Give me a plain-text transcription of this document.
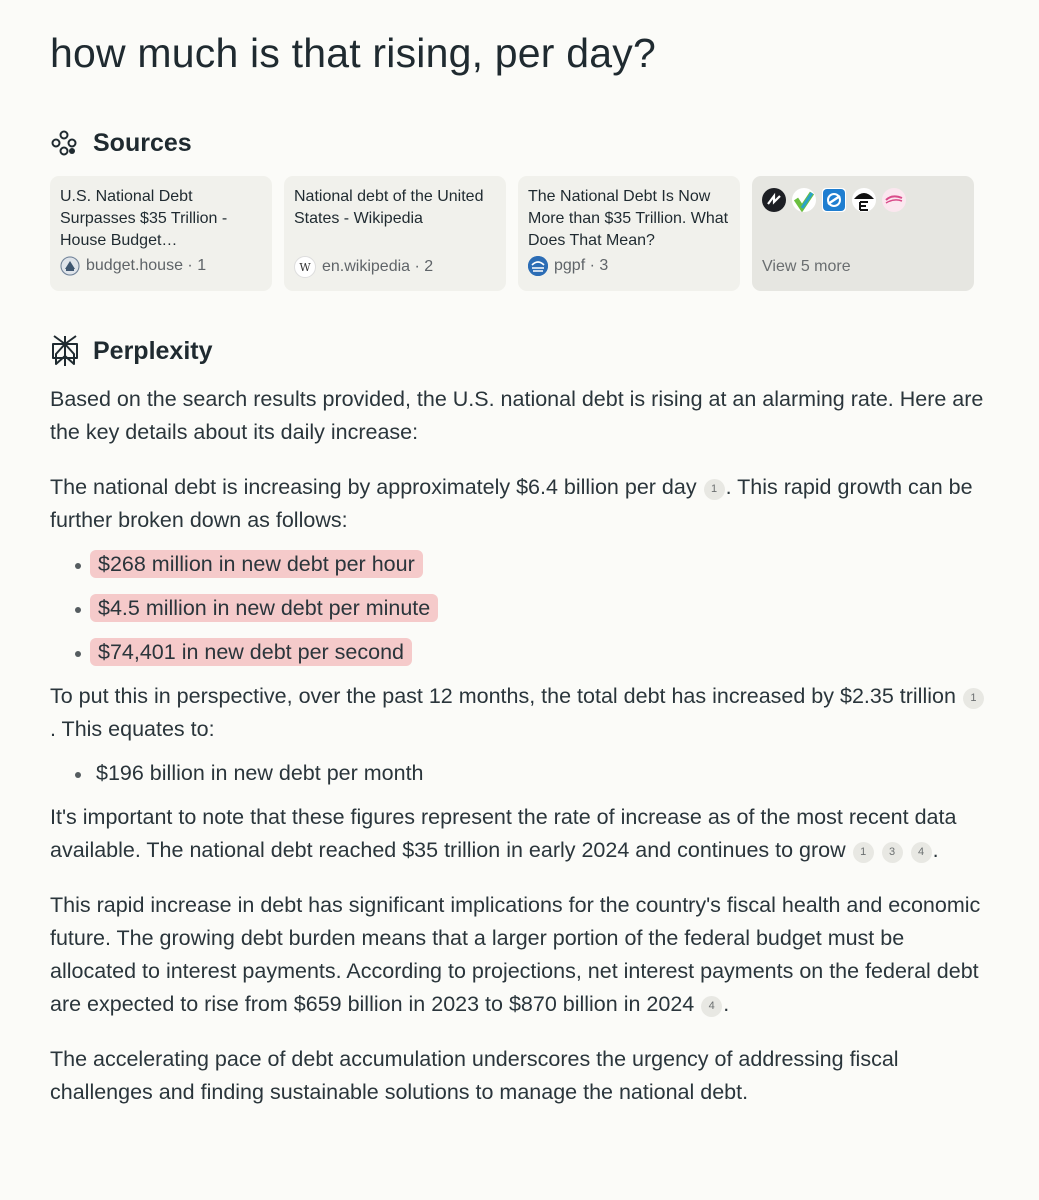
how much is that rising, per day?
Sources
U.S. National Debt Surpasses $35 Trillion - House Budget…
budget.house · 1
National debt of the United States - Wikipedia
W en.wikipedia · 2
The National Debt Is Now More than $35 Trillion. What Does That Mean?
pgpf · 3	View 5 more
Perplexity

Based on the search results provided, the U.S. national debt is rising at an alarming rate. Here are the key details about its daily increase:

The national debt is increasing by approximately $6.4 billion per day 1 . This rapid growth can be further broken down as follows:

$268 million in new debt per hour
$4.5 million in new debt per minute
$74,401 in new debt per second

To put this in perspective, over the past 12 months, the total debt has increased by $2.35 trillion 1. This equates to:

$196 billion in new debt per month

It's important to note that these figures represent the rate of increase as of the most recent data available. The national debt reached $35 trillion in early 2024 and continues to grow 1 3 4 .

This rapid increase in debt has significant implications for the country's fiscal health and economic future. The growing debt burden means that a larger portion of the federal budget must be allocated to interest payments. According to projections, net interest payments on the federal debt are expected to rise from $659 billion in 2023 to $870 billion in 2024 4 .

The accelerating pace of debt accumulation underscores the urgency of addressing fiscal challenges and finding sustainable solutions to manage the national debt.
